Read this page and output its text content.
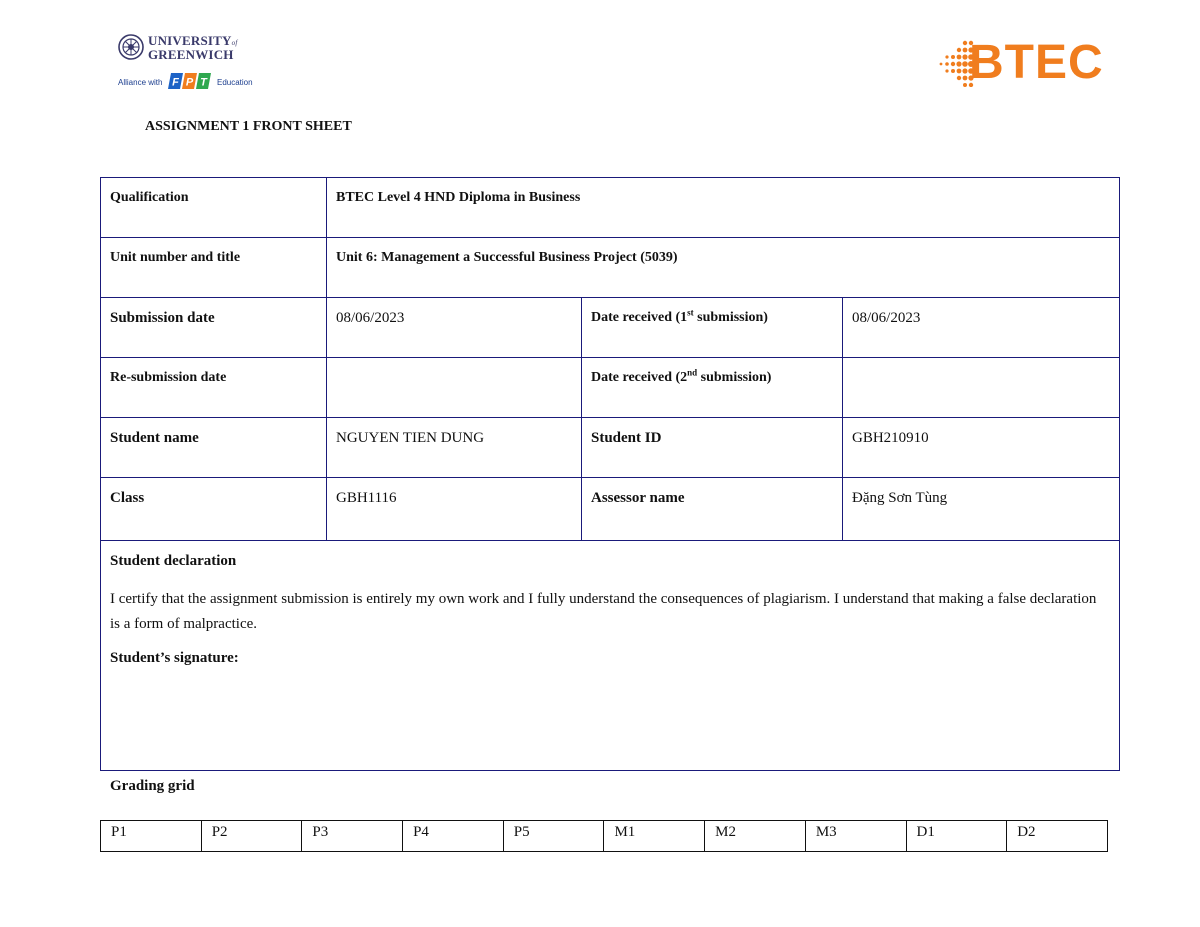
UNIVERSITYof
GREENWICH
Alliance with F P T Education	BTEC
ASSIGNMENT 1 FRONT SHEET
Qualification	BTEC Level 4 HND Diploma in Business		
Unit number and title	Unit 6: Management a Successful Business Project (5039)		
Submission date	08/06/2023	Date received (1st submission)	08/06/2023
Re-submission date		Date received (2nd submission)	
Student name	NGUYEN TIEN DUNG	Student ID	GBH210910
Class	GBH1116	Assessor name	Đặng Sơn Tùng

Student declaration
I certify that the assignment submission is entirely my own work and I fully understand the consequences of plagiarism. I understand that making a false declaration is a form of malpractice.
Student’s signature:			
Grading grid
P1	P2	P3	P4	P5	M1	M2	M3	D1	D2
